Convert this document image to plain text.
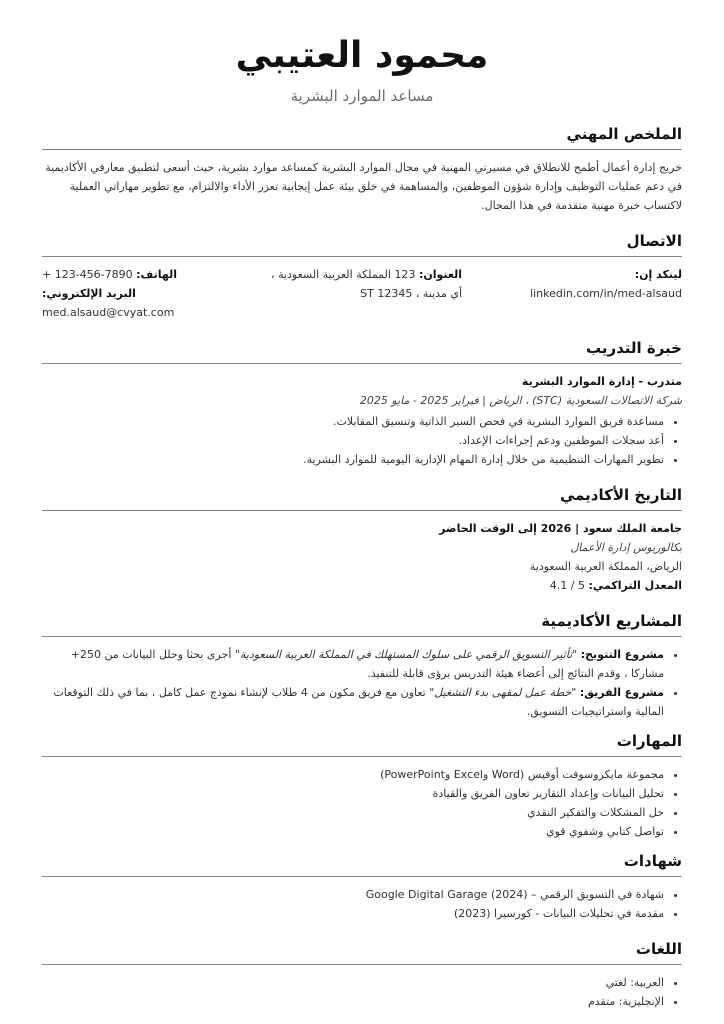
محمود العتيبي
مساعد الموارد البشرية
الملخص المهني

خريج إدارة أعمال أطمح للانطلاق في مسيرتي المهنية في مجال الموارد البشرية كمساعد موارد بشرية، حيث أسعى لتطبيق معارفي الأكاديمية في دعم عمليات التوظيف وإدارة شؤون الموظفين، والمساهمة في خلق بيئة عمل إيجابية تعزز الأداء والالتزام، مع تطوير مهاراتي العملية لاكتساب خبرة مهنية متقدمة في هذا المجال.

الاتصال
لينكد إن:
linkedin.com/in/med-alsaud
العنوان: 123 المملكة العربية السعودية ، أي مدينة ، ST 12345
الهاتف: + 123-456-7890
البريد الإلكتروني: med.alsaud@cvyat.com
خبرة التدريب

متدرب - إدارة الموارد البشرية

شركة الاتصالات السعودية (STC) ، الرياض | فبراير 2025 - مايو 2025

• مساعدة فريق الموارد البشرية في فحص السير الذاتية وتنسيق المقابلات.
• أعد سجلات الموظفين ودعم إجراءات الإعداد.
• تطوير المهارات التنظيمية من خلال إدارة المهام الإدارية اليومية للموارد البشرية.
التاريخ الأكاديمي

جامعة الملك سعود | 2026 إلى الوقت الحاضر

بكالوريوس إدارة الأعمال

الرياض، المملكة العربية السعودية

المعدل التراكمي: 4.1 / 5

المشاريع الأكاديمية
• مشروع التتويج: "تأثير التسويق الرقمي على سلوك المستهلك في المملكة العربية السعودية" أجرى بحثا وحلل البيانات من 250+ مشاركا ، وقدم النتائج إلى أعضاء هيئة التدريس برؤى قابلة للتنفيذ.
• مشروع الفريق: "خطة عمل لمقهى بدء التشغيل" تعاون مع فريق مكون من 4 طلاب لإنشاء نموذج عمل كامل ، بما في ذلك التوقعات المالية واستراتيجيات التسويق.
المهارات
• مجموعة مايكروسوفت أوفيس (Word وExcel وPowerPoint)
• تحليل البيانات وإعداد التقارير تعاون الفريق والقيادة
• حل المشكلات والتفكير النقدي
• تواصل كتابي وشفوي قوي
شهادات
• شهادة في التسويق الرقمي – Google Digital Garage (2024)
• مقدمة في تحليلات البيانات - كورسيرا (2023)
اللغات
• العربية: لغتي
• الإنجليزية: متقدم
